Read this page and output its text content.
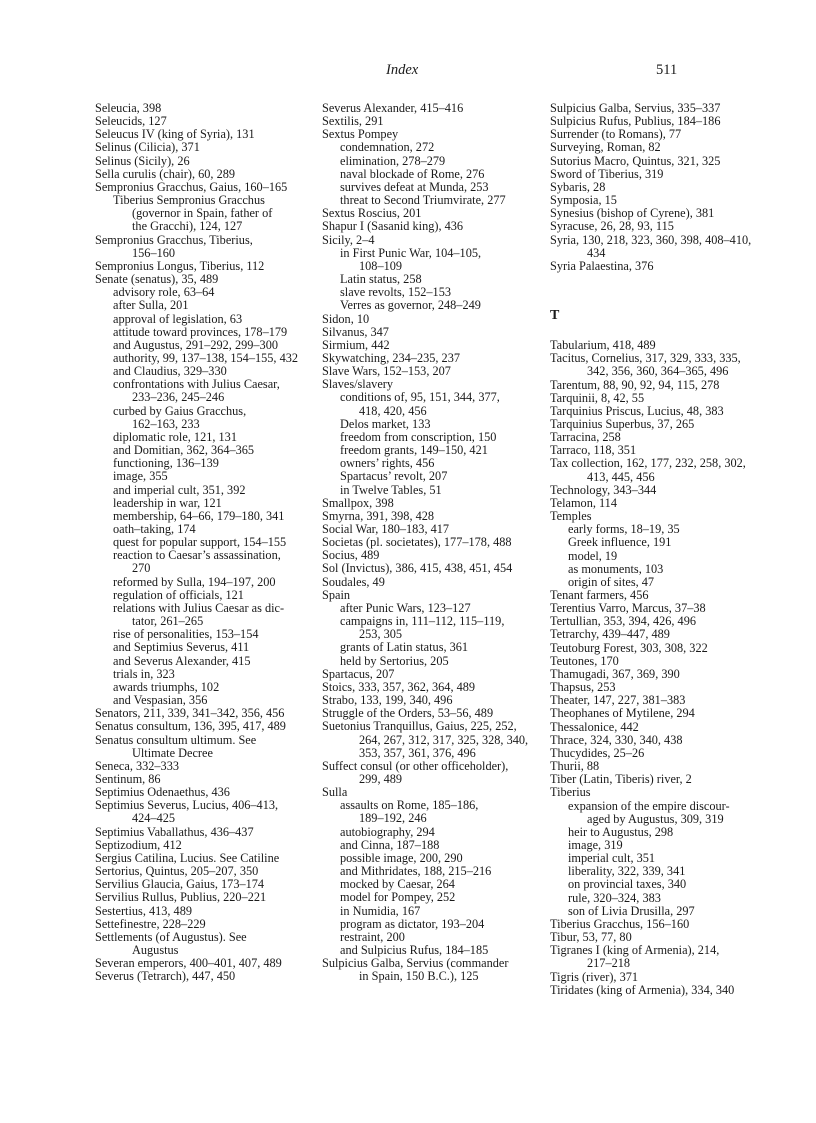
Index	511
Seleucia, 398
Seleucids, 127
Seleucus IV (king of Syria), 131
Selinus (Cilicia), 371
Selinus (Sicily), 26
Sella curulis (chair), 60, 289
Sempronius Gracchus, Gaius, 160–165
Tiberius Sempronius Gracchus
(governor in Spain, father of
the Gracchi), 124, 127
Sempronius Gracchus, Tiberius,
156–160
Sempronius Longus, Tiberius, 112
Senate (senatus), 35, 489
advisory role, 63–64
after Sulla, 201
approval of legislation, 63
attitude toward provinces, 178–179
and Augustus, 291–292, 299–300
authority, 99, 137–138, 154–155, 432
and Claudius, 329–330
confrontations with Julius Caesar,
233–236, 245–246
curbed by Gaius Gracchus,
162–163, 233
diplomatic role, 121, 131
and Domitian, 362, 364–365
functioning, 136–139
image, 355
and imperial cult, 351, 392
leadership in war, 121
membership, 64–66, 179–180, 341
oath–taking, 174
quest for popular support, 154–155
reaction to Caesar’s assassination,
270
reformed by Sulla, 194–197, 200
regulation of officials, 121
relations with Julius Caesar as dic-
tator, 261–265
rise of personalities, 153–154
and Septimius Severus, 411
and Severus Alexander, 415
trials in, 323
awards triumphs, 102
and Vespasian, 356
Senators, 211, 339, 341–342, 356, 456
Senatus consultum, 136, 395, 417, 489
Senatus consultum ultimum. See
Ultimate Decree
Seneca, 332–333
Sentinum, 86
Septimius Odenaethus, 436
Septimius Severus, Lucius, 406–413,
424–425
Septimius Vaballathus, 436–437
Septizodium, 412
Sergius Catilina, Lucius. See Catiline
Sertorius, Quintus, 205–207, 350
Servilius Glaucia, Gaius, 173–174
Servilius Rullus, Publius, 220–221
Sestertius, 413, 489
Settefinestre, 228–229
Settlements (of Augustus). See
Augustus
Severan emperors, 400–401, 407, 489
Severus (Tetrarch), 447, 450
Severus Alexander, 415–416
Sextilis, 291
Sextus Pompey
condemnation, 272
elimination, 278–279
naval blockade of Rome, 276
survives defeat at Munda, 253
threat to Second Triumvirate, 277
Sextus Roscius, 201
Shapur I (Sasanid king), 436
Sicily, 2–4
in First Punic War, 104–105,
108–109
Latin status, 258
slave revolts, 152–153
Verres as governor, 248–249
Sidon, 10
Silvanus, 347
Sirmium, 442
Skywatching, 234–235, 237
Slave Wars, 152–153, 207
Slaves/slavery
conditions of, 95, 151, 344, 377,
418, 420, 456
Delos market, 133
freedom from conscription, 150
freedom grants, 149–150, 421
owners’ rights, 456
Spartacus’ revolt, 207
in Twelve Tables, 51
Smallpox, 398
Smyrna, 391, 398, 428
Social War, 180–183, 417
Societas (pl. societates), 177–178, 488
Socius, 489
Sol (Invictus), 386, 415, 438, 451, 454
Soudales, 49
Spain
after Punic Wars, 123–127
campaigns in, 111–112, 115–119,
253, 305
grants of Latin status, 361
held by Sertorius, 205
Spartacus, 207
Stoics, 333, 357, 362, 364, 489
Strabo, 133, 199, 340, 496
Struggle of the Orders, 53–56, 489
Suetonius Tranquillus, Gaius, 225, 252,
264, 267, 312, 317, 325, 328, 340,
353, 357, 361, 376, 496
Suffect consul (or other officeholder),
299, 489
Sulla
assaults on Rome, 185–186,
189–192, 246
autobiography, 294
and Cinna, 187–188
possible image, 200, 290
and Mithridates, 188, 215–216
mocked by Caesar, 264
model for Pompey, 252
in Numidia, 167
program as dictator, 193–204
restraint, 200
and Sulpicius Rufus, 184–185
Sulpicius Galba, Servius (commander
in Spain, 150 B.C.), 125
Sulpicius Galba, Servius, 335–337
Sulpicius Rufus, Publius, 184–186
Surrender (to Romans), 77
Surveying, Roman, 82
Sutorius Macro, Quintus, 321, 325
Sword of Tiberius, 319
Sybaris, 28
Symposia, 15
Synesius (bishop of Cyrene), 381
Syracuse, 26, 28, 93, 115
Syria, 130, 218, 323, 360, 398, 408–410,
434
Syria Palaestina, 376
T
Tabularium, 418, 489
Tacitus, Cornelius, 317, 329, 333, 335,
342, 356, 360, 364–365, 496
Tarentum, 88, 90, 92, 94, 115, 278
Tarquinii, 8, 42, 55
Tarquinius Priscus, Lucius, 48, 383
Tarquinius Superbus, 37, 265
Tarracina, 258
Tarraco, 118, 351
Tax collection, 162, 177, 232, 258, 302,
413, 445, 456
Technology, 343–344
Telamon, 114
Temples
early forms, 18–19, 35
Greek influence, 191
model, 19
as monuments, 103
origin of sites, 47
Tenant farmers, 456
Terentius Varro, Marcus, 37–38
Tertullian, 353, 394, 426, 496
Tetrarchy, 439–447, 489
Teutoburg Forest, 303, 308, 322
Teutones, 170
Thamugadi, 367, 369, 390
Thapsus, 253
Theater, 147, 227, 381–383
Theophanes of Mytilene, 294
Thessalonice, 442
Thrace, 324, 330, 340, 438
Thucydides, 25–26
Thurii, 88
Tiber (Latin, Tiberis) river, 2
Tiberius
expansion of the empire discour-
aged by Augustus, 309, 319
heir to Augustus, 298
image, 319
imperial cult, 351
liberality, 322, 339, 341
on provincial taxes, 340
rule, 320–324, 383
son of Livia Drusilla, 297
Tiberius Gracchus, 156–160
Tibur, 53, 77, 80
Tigranes I (king of Armenia), 214,
217–218
Tigris (river), 371
Tiridates (king of Armenia), 334, 340
